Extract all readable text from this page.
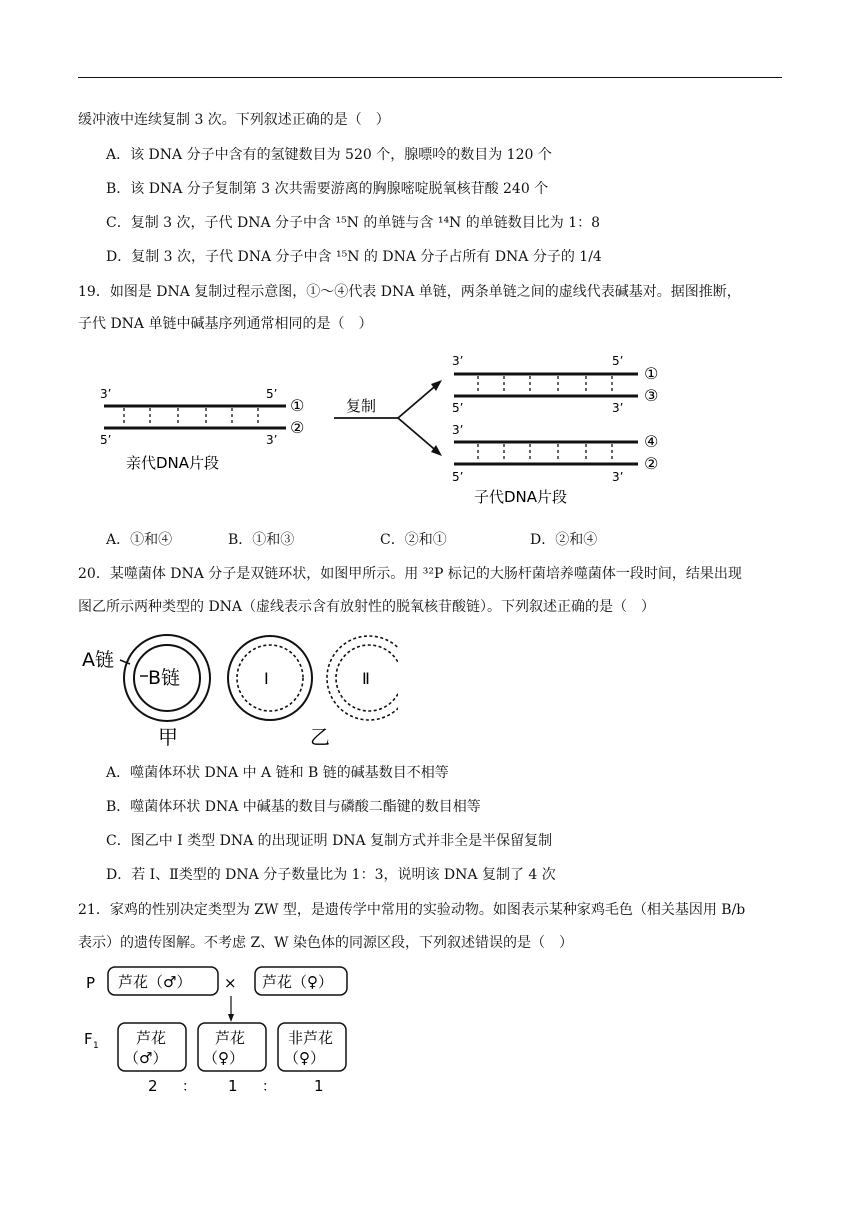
缓冲液中连续复制 3 次。下列叙述正确的是（　）
A．该 DNA 分子中含有的氢键数目为 520 个，腺嘌呤的数目为 120 个
B．该 DNA 分子复制第 3 次共需要游离的胸腺嘧啶脱氧核苷酸 240 个
C．复制 3 次，子代 DNA 分子中含 ¹⁵N 的单链与含 ¹⁴N 的单链数目比为 1：8
D．复制 3 次，子代 DNA 分子中含 ¹⁵N 的 DNA 分子占所有 DNA 分子的 1/4
19．如图是 DNA 复制过程示意图，①～④代表 DNA 单链，两条单链之间的虚线代表碱基对。据图推断，
子代 DNA 单链中碱基序列通常相同的是（　）
3’	5’
5’	3’
①
②
亲代DNA片段
复制
3’	5’
5’	3’
①
③
3’
5’	3’
④
②
子代DNA片段
A．①和④	B．①和③	C．②和①	D．②和④
20．某噬菌体 DNA 分子是双链环状，如图甲所示。用 ³²P 标记的大肠杆菌培养噬菌体一段时间，结果出现
图乙所示两种类型的 DNA（虚线表示含有放射性的脱氧核苷酸链）。下列叙述正确的是（　）
A链
B链
甲
Ⅰ	Ⅱ
乙
A．噬菌体环状 DNA 中 A 链和 B 链的碱基数目不相等
B．噬菌体环状 DNA 中碱基的数目与磷酸二酯键的数目相等
C．图乙中 I 类型 DNA 的出现证明 DNA 复制方式并非全是半保留复制
D．若 I、Ⅱ类型的 DNA 分子数量比为 1：3，说明该 DNA 复制了 4 次
21．家鸡的性别决定类型为 ZW 型，是遗传学中常用的实验动物。如图表示某种家鸡毛色（相关基因用 B/b
表示）的遗传图解。不考虑 Z、W 染色体的同源区段，下列叙述错误的是（　）
P 芦花（♂） × 芦花（♀）
F 1 芦花
（♂）
芦花
（♀）
非芦花
（♀）
2 ： 1 ：	1
